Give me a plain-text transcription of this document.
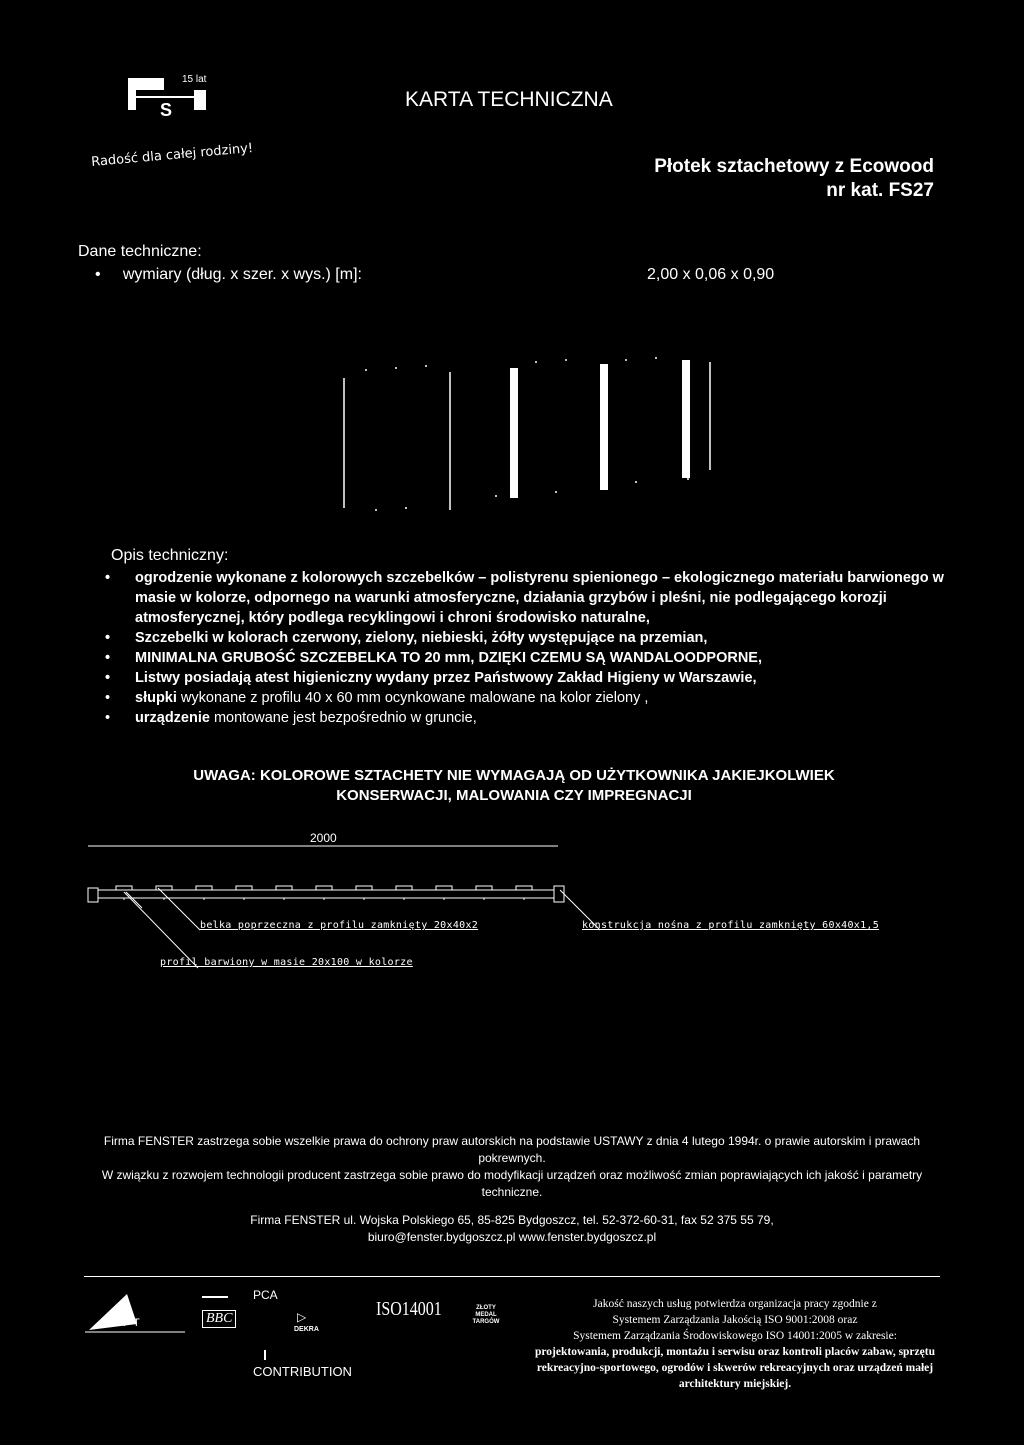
S
15 lat
KARTA TECHNICZNA
Radość dla całej rodziny!	Płotek sztachetowy z Ecowood
nr kat. FS27
Dane techniczne:
•     wymiary (dług. x szer. x wys.) [m]:	2,00 x 0,06 x 0,90
Opis techniczny:
• ogrodzenie wykonane z kolorowych szczebelków – polistyrenu spienionego – ekologicznego materiału barwionego w masie w kolorze, odpornego na warunki atmosferyczne, działania grzybów i pleśni, nie podlegającego korozji atmosferycznej, który podlega recyklingowi i chroni środowisko naturalne,
• Szczebelki w kolorach czerwony, zielony, niebieski, żółty występujące na przemian,
• MINIMALNA GRUBOŚĆ SZCZEBELKA TO 20 mm, DZIĘKI CZEMU SĄ WANDALOODPORNE,
• Listwy posiadają atest higieniczny wydany przez Państwowy Zakład Higieny w Warszawie,
• słupki wykonane z profilu 40 x 60 mm ocynkowane malowane na kolor zielony ,
• urządzenie montowane jest bezpośrednio w gruncie,
UWAGA: KOLOROWE SZTACHETY NIE WYMAGAJĄ OD UŻYTKOWNIKA JAKIEJKOLWIEK
KONSERWACJI, MALOWANIA CZY IMPREGNACJI
2000
belka poprzeczna z profilu zamknięty 20x40x2	konstrukcja nośna z profilu zamknięty 60x40x1,5
profil barwiony w masie 20x100 w kolorze
Firma FENSTER zastrzega sobie wszelkie prawa do ochrony praw autorskich na podstawie USTAWY z dnia 4 lutego 1994r. o prawie autorskim i prawach pokrewnych.
W związku z rozwojem technologii producent zastrzega sobie prawo do modyfikacji urządzeń oraz możliwość zmian poprawiających ich jakość i parametry techniczne.
Firma FENSTER ul. Wojska Polskiego 65, 85-825 Bydgoszcz, tel. 52-372-60-31, fax 52 375 55 79,
biuro@fenster.bydgoszcz.pl www.fenster.bydgoszcz.pl
INT	BBC
PCA
▷
DEKRA
ISO14001	ZŁOTY MEDAL TARGÓW
CONTRIBUTION
Jakość naszych usług potwierdza organizacja pracy zgodnie z
Systemem Zarządzania Jakością ISO 9001:2008 oraz
Systemem Zarządzania Środowiskowego ISO 14001:2005 w zakresie:
projektowania, produkcji, montażu i serwisu oraz kontroli placów zabaw, sprzętu rekreacyjno-sportowego, ogrodów i skwerów rekreacyjnych oraz urządzeń małej architektury miejskiej.
